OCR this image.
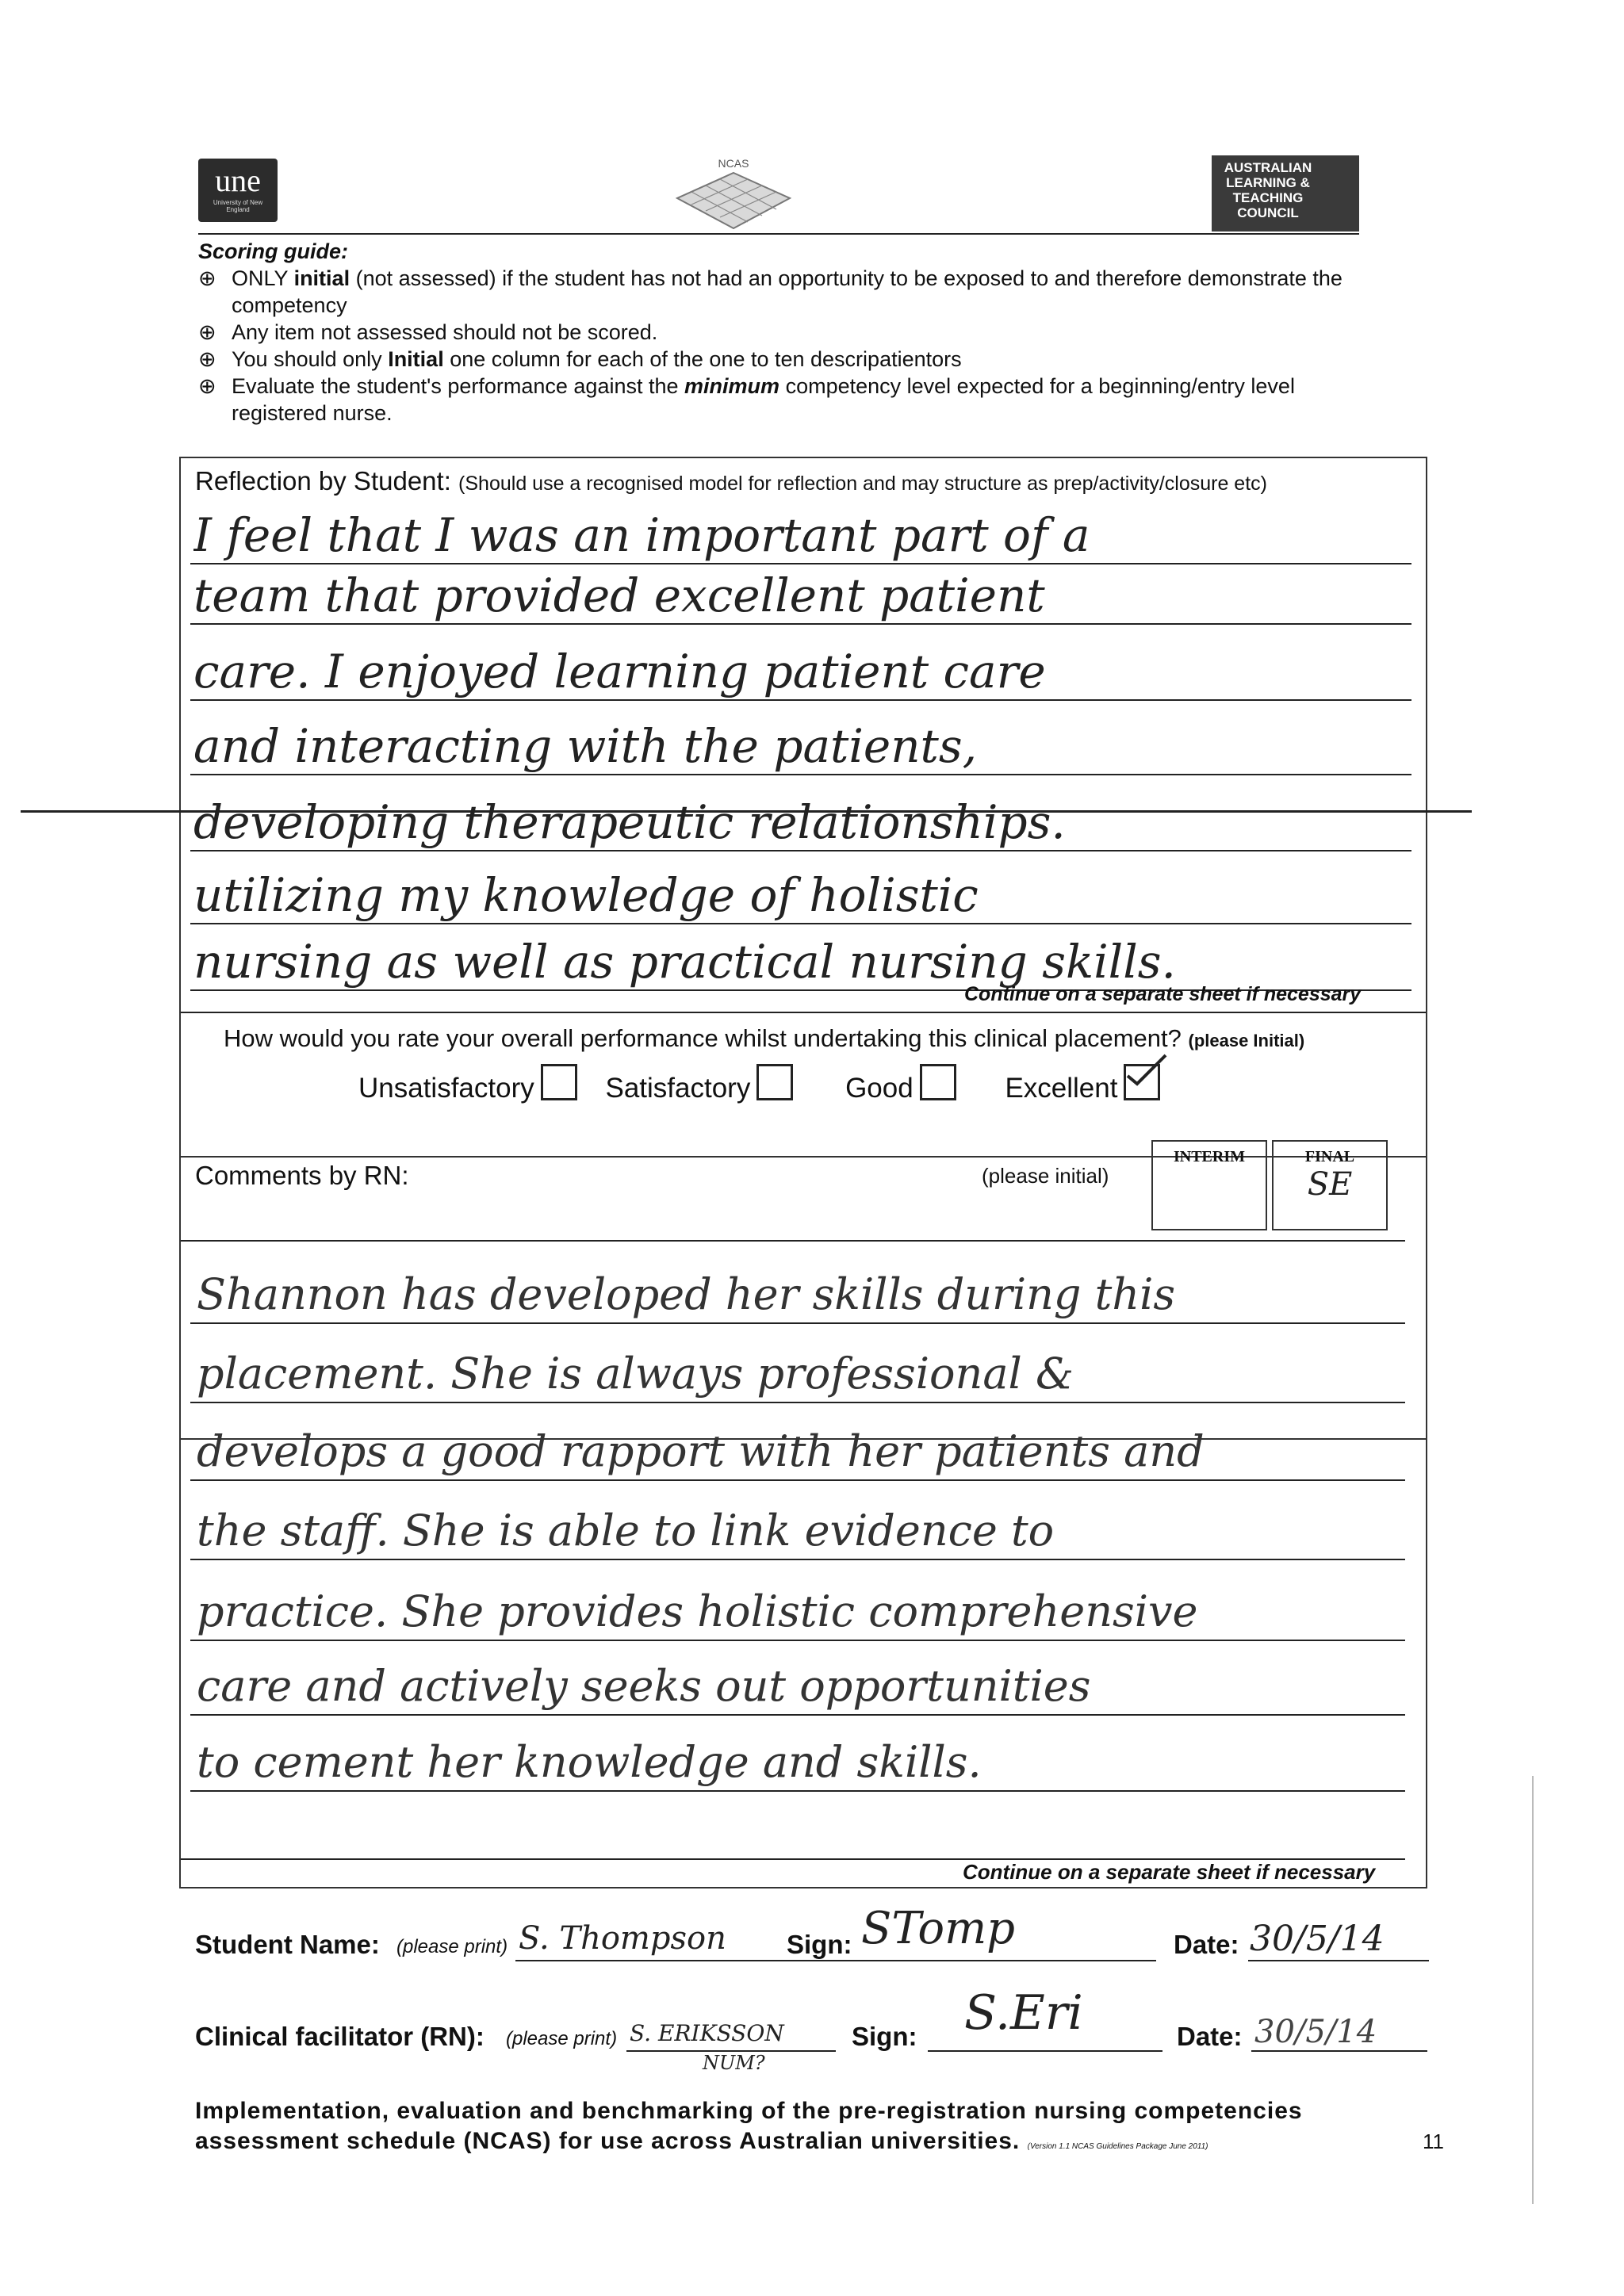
une
University of New England
NCAS	AUSTRALIAN LEARNING & TEACHING COUNCIL
Scoring guide:
⊕ ONLY initial (not assessed) if the student has not had an opportunity to be exposed to and therefore demonstrate the
competency
⊕ Any item not assessed should not be scored.
⊕ You should only Initial one column for each of the one to ten descripatientors
⊕ Evaluate the student's performance against the minimum competency level expected for a beginning/entry level
registered nurse.
Reflection by Student: (Should use a recognised model for reflection and may structure as prep/activity/closure etc)
I feel that I was an important part of a
team that provided excellent patient
care. I enjoyed learning patient care
and interacting with the patients,
developing therapeutic relationships.
utilizing my knowledge of holistic
nursing as well as practical nursing skills.
Continue on a separate sheet if necessary
How would you rate your overall performance whilst undertaking this clinical placement? (please Initial)
Unsatisfactory	Satisfactory	Good	Excellent
Comments by RN:	(please initial)
INTERIM	FINAL
SE
Shannon has developed her skills during this
placement. She is always professional &
develops a good rapport with her patients and
the staff. She is able to link evidence to
practice. She provides holistic comprehensive
care and actively seeks out opportunities
to cement her knowledge and skills.
Continue on a separate sheet if necessary
Student Name: (please print) S. Thompson Sign: STomp	Date: 30/5/14
Clinical facilitator (RN): (please print) S. ERIKSSON
NUM?
Sign: S.Eri	Date: 30/5/14
Implementation, evaluation and benchmarking of the pre-registration nursing competencies
assessment schedule (NCAS) for use across Australian universities. (Version 1.1 NCAS Guidelines Package June 2011)	11
